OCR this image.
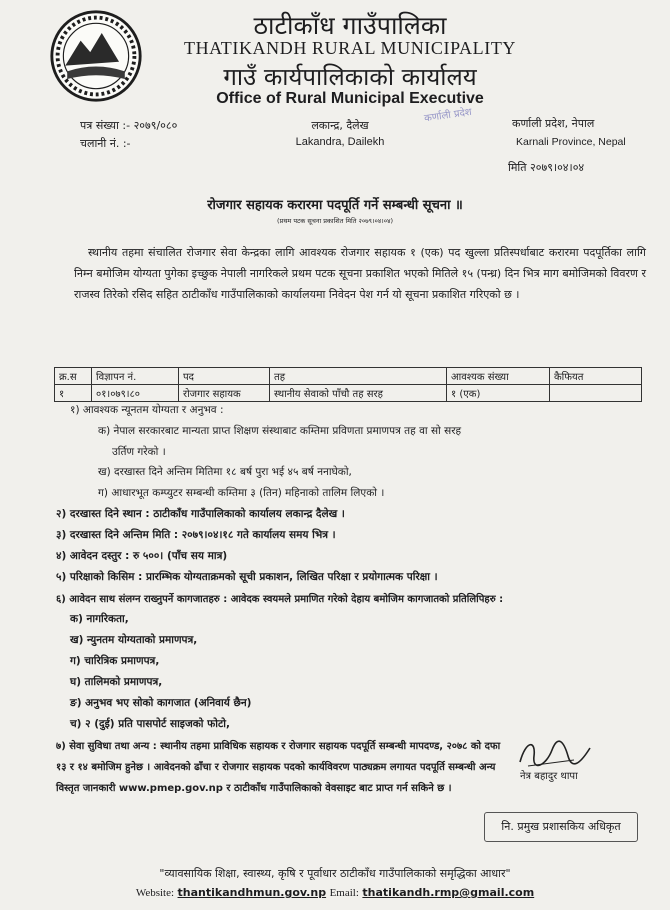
ठाटीकाँध गाउँपालिका
THATIKANDH RURAL MUNICIPALITY
गाउँ कार्यपालिकाको कार्यालय
Office of Rural Municipal Executive
पत्र संख्या :- २०७९/०८०
चलानी नं. :-
लकान्द्र, दैलेख
Lakandra, Dailekh
कर्णाली प्रदेश, नेपाल
Karnali Province, Nepal
कर्णाली प्रदेश
मिति २०७९।०४।०४
रोजगार सहायक करारमा पदपूर्ति गर्ने सम्बन्धी सूचना ॥
(प्रथम पटक सूचना प्रकाशित मिति २०७९।०४।०४)
स्थानीय तहमा संचालित रोजगार सेवा केन्द्रका लागि आवश्यक रोजगार सहायक १ (एक) पद खुल्ला प्रतिस्पर्धाबाट करारमा पदपूर्तिका लागि निम्न बमोजिम योग्यता पुगेका इच्छुक नेपाली नागरिकले प्रथम पटक सूचना प्रकाशित भएको मितिले १५ (पन्ध्र) दिन भित्र माग बमोजिमको विवरण र राजस्व तिरेको रसिद सहित ठाटीकाँध गाउँपालिकाको कार्यालयमा निवेदन पेश गर्न यो सूचना प्रकाशित गरिएको छ ।
क्र.स	विज्ञापन नं.	पद	तह	आवश्यक संख्या	कैफियत
१	०१।०७९।८०	रोजगार सहायक	स्थानीय सेवाको पाँचौ तह सरह	१ (एक)	
१) आवश्यक न्यूनतम योग्यता र अनुभव :
क) नेपाल सरकारबाट मान्यता प्राप्त शिक्षण संस्थाबाट कम्तिमा प्रविणता प्रमाणपत्र तह वा सो सरह
उर्तिण गरेको ।
ख) दरखास्त दिने अन्तिम मितिमा १८ बर्ष पुरा भई ४५ बर्ष ननाघेको,
ग) आधारभूत कम्प्युटर सम्बन्धी कम्तिमा ३ (तिन) महिनाको तालिम लिएको ।
२) दरखास्त दिने स्थान : ठाटीकाँध गाउँपालिकाको कार्यालय लकान्द्र दैलेख ।
३) दरखास्त दिने अन्तिम मिति : २०७९।०४।१८ गते कार्यालय समय भित्र ।
४) आवेदन दस्तुर : रु ५००। (पाँच सय मात्र)
५) परिक्षाको किसिम : प्रारम्भिक योग्यताक्रमको सूची प्रकाशन, लिखित परिक्षा र प्रयोगात्मक परिक्षा ।
६) आवेदन साथ संलग्न राख्नुपर्ने कागजातहरु : आवेदक स्वयमले प्रमाणित गरेको देहाय बमोजिम कागजातको प्रतिलिपिहरु :
क) नागरिकता,
ख) न्युनतम योग्यताको प्रमाणपत्र,
ग) चारित्रिक प्रमाणपत्र,
घ) तालिमको प्रमाणपत्र,
ङ) अनुभव भए सोको कागजात (अनिवार्य छैन)
च) २ (दुई) प्रति पासपोर्ट साइजको फोटो,
७) सेवा सुविधा तथा अन्य : स्थानीय तहमा प्राविधिक सहायक र रोजगार सहायक पदपूर्ति सम्बन्धी मापदण्ड, २०७८ को दफा
१३ र १४ बमोजिम हुनेछ । आवेदनको ढाँचा र रोजगार सहायक पदको कार्यविवरण पाठ्यक्रम लगायत पदपूर्ति सम्बन्धी अन्य
विस्तृत जानकारी www.pmep.gov.np र ठाटीकाँध गाउँपालिकाको वेवसाइट बाट प्राप्त गर्न सकिने छ ।
नेत्र बहादुर थापा
नि. प्रमुख प्रशासकिय अधिकृत
"व्यावसायिक शिक्षा, स्वास्थ्य, कृषि र पूर्वाधार ठाटीकाँध गाउँपालिकाको समृद्धिका आधार"
Website: thantikandhmun.gov.np Email: thatikandh.rmp@gmail.com
